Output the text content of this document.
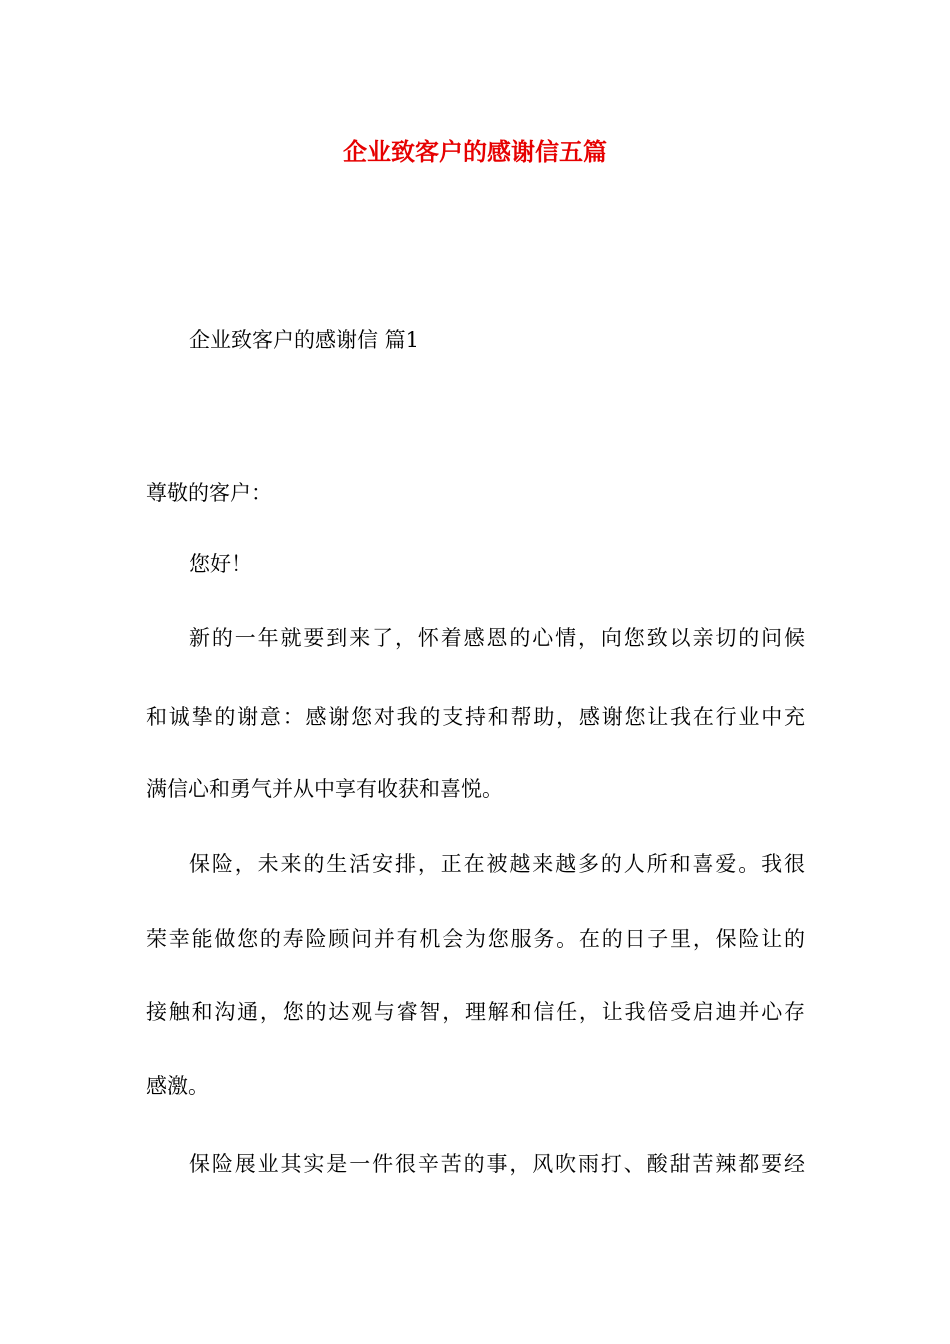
企业致客户的感谢信五篇

企业致客户的感谢信 篇1

尊敬的客户：

您好！

新的一年就要到来了，怀着感恩的心情，向您致以亲切的问候

和诚挚的谢意：感谢您对我的支持和帮助，感谢您让我在行业中充

满信心和勇气并从中享有收获和喜悦。

保险，未来的生活安排，正在被越来越多的人所和喜爱。我很

荣幸能做您的寿险顾问并有机会为您服务。在的日子里，保险让的

接触和沟通，您的达观与睿智，理解和信任，让我倍受启迪并心存

感激。

保险展业其实是一件很辛苦的事，风吹雨打、酸甜苦辣都要经
